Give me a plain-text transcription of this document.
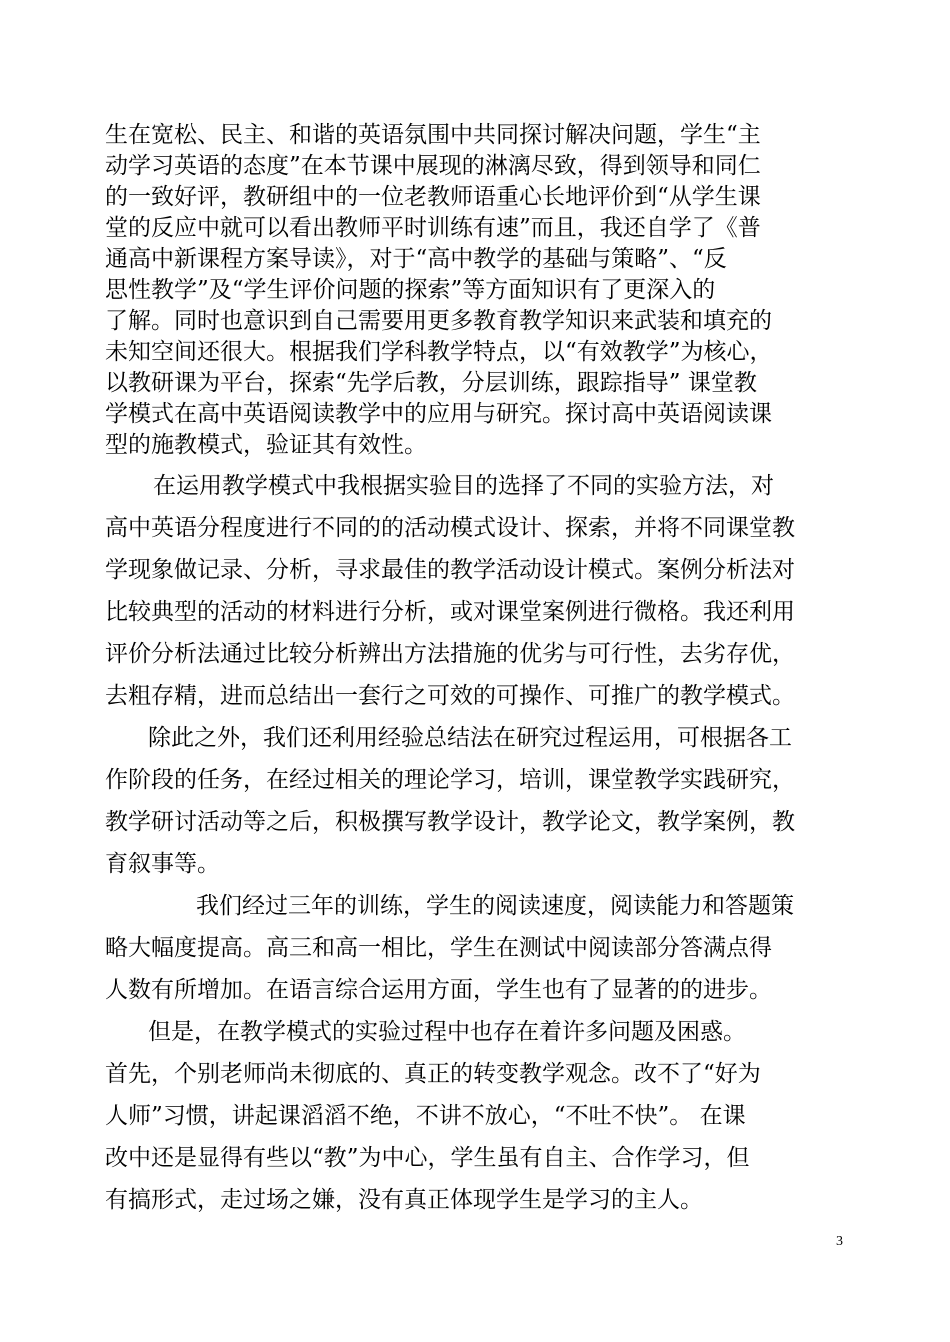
生在宽松、民主、和谐的英语氛围中共同探讨解决问题，学生“主
动学习英语的态度”在本节课中展现的淋漓尽致，得到领导和同仁
的一致好评，教研组中的一位老教师语重心长地评价到“从学生课
堂的反应中就可以看出教师平时训练有速”而且，我还自学了《普
通高中新课程方案导读》，对于“高中教学的基础与策略”、“反
思性教学”及“学生评价问题的探索”等方面知识有了更深入的
了解。同时也意识到自己需要用更多教育教学知识来武装和填充的
未知空间还很大。根据我们学科教学特点，以“有效教学”为核心，
以教研课为平台，探索“先学后教，分层训练，跟踪指导” 课堂教
学模式在高中英语阅读教学中的应用与研究。探讨高中英语阅读课
型的施教模式，验证其有效性。
在运用教学模式中我根据实验目的选择了不同的实验方法，对
高中英语分程度进行不同的的活动模式设计、探索，并将不同课堂教
学现象做记录、分析，寻求最佳的教学活动设计模式。案例分析法对
比较典型的活动的材料进行分析，或对课堂案例进行微格。我还利用
评价分析法通过比较分析辨出方法措施的优劣与可行性，去劣存优，
去粗存精，进而总结出一套行之可效的可操作、可推广的教学模式。
除此之外，我们还利用经验总结法在研究过程运用，可根据各工
作阶段的任务，在经过相关的理论学习，培训，课堂教学实践研究，
教学研讨活动等之后，积极撰写教学设计，教学论文，教学案例，教
育叙事等。
我们经过三年的训练，学生的阅读速度，阅读能力和答题策
略大幅度提高。高三和高一相比，学生在测试中阅读部分答满点得
人数有所增加。在语言综合运用方面，学生也有了显著的的进步。
但是，在教学模式的实验过程中也存在着许多问题及困惑。
首先，个别老师尚未彻底的、真正的转变教学观念。改不了“好为
人师”习惯，讲起课滔滔不绝，不讲不放心，“不吐不快”。 在课
改中还是显得有些以“教”为中心，学生虽有自主、合作学习，但
有搞形式，走过场之嫌，没有真正体现学生是学习的主人。
3
